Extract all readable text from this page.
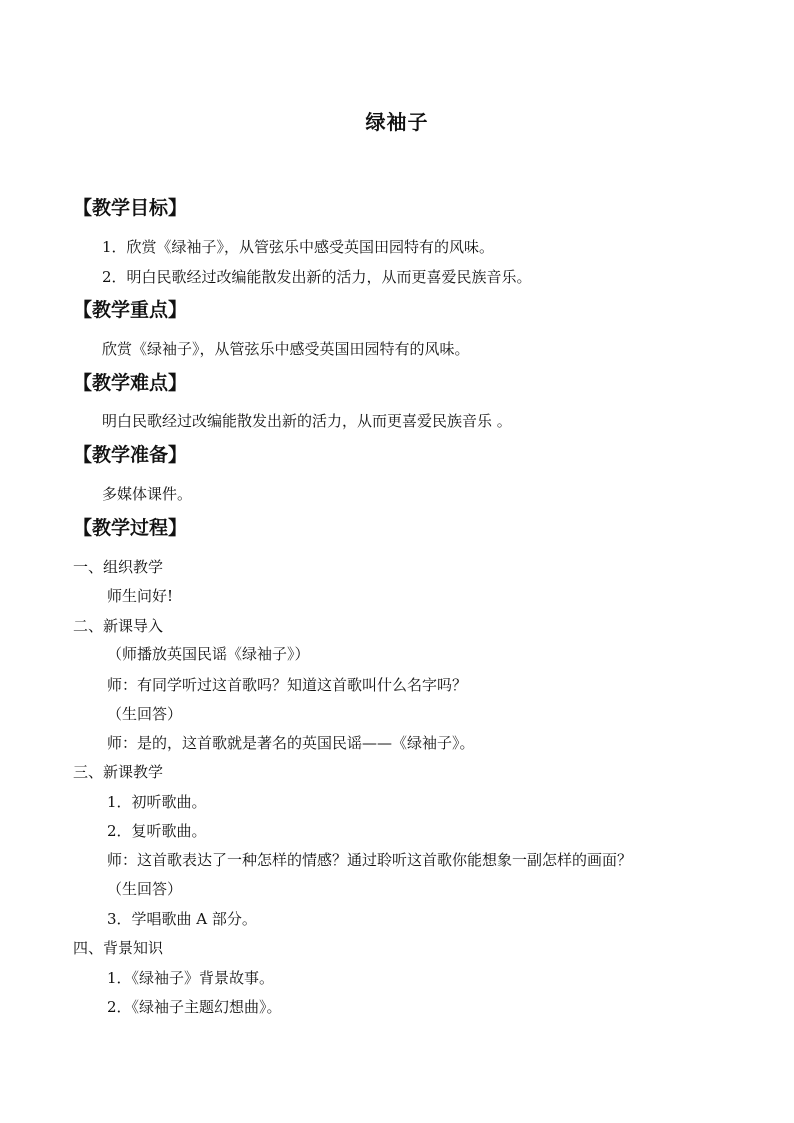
绿袖子
【教学目标】
1．欣赏《绿袖子》，从管弦乐中感受英国田园特有的风味。
2．明白民歌经过改编能散发出新的活力，从而更喜爱民族音乐。
【教学重点】
欣赏《绿袖子》，从管弦乐中感受英国田园特有的风味。
【教学难点】
明白民歌经过改编能散发出新的活力，从而更喜爱民族音乐 。
【教学准备】
多媒体课件。
【教学过程】
一、组织教学
师生问好!
二、新课导入
（师播放英国民谣《绿袖子》）
师：有同学听过这首歌吗？知道这首歌叫什么名字吗？
（生回答）
师：是的，这首歌就是著名的英国民谣——《绿袖子》。
三、新课教学
1．初听歌曲。
2．复听歌曲。
师：这首歌表达了一种怎样的情感？通过聆听这首歌你能想象一副怎样的画面？
（生回答）
3．学唱歌曲 A 部分。
四、背景知识
1．《绿袖子》背景故事。
2．《绿袖子主题幻想曲》。
